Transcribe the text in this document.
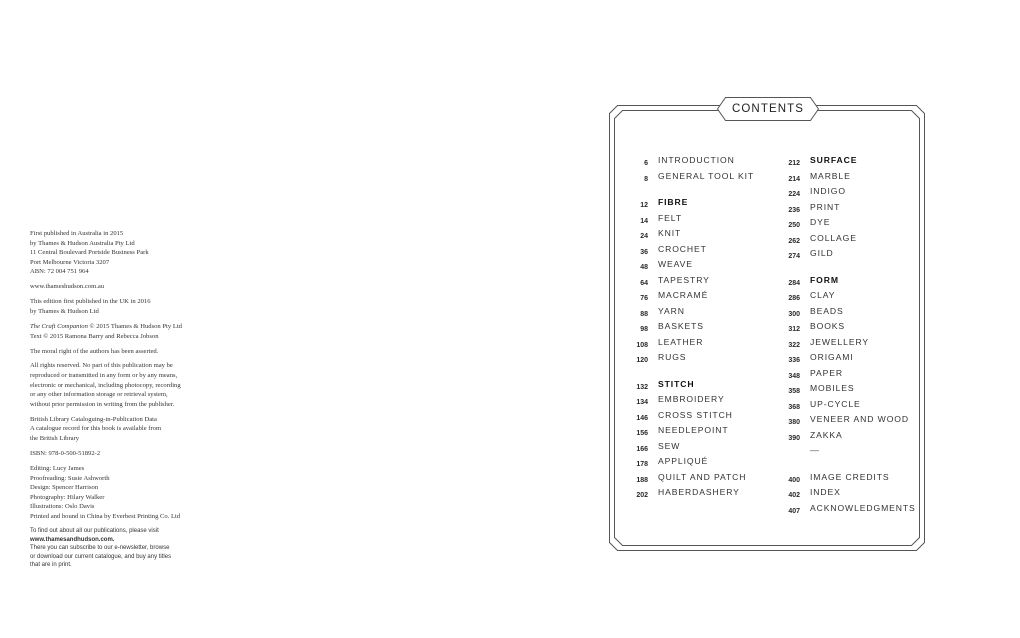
First published in Australia in 2015
by Thames & Hudson Australia Pty Ltd
11 Central Boulevard Portside Business Park
Port Melbourne Victoria 3207
ABN: 72 004 751 964
www.thameshudson.com.au
This edition first published in the UK in 2016
by Thames & Hudson Ltd
The Craft Companion © 2015 Thames & Hudson Pty Ltd
Text © 2015 Ramona Barry and Rebecca Jobson
The moral right of the authors has been asserted.
All rights reserved. No part of this publication may be
reproduced or transmitted in any form or by any means,
electronic or mechanical, including photocopy, recording
or any other information storage or retrieval system,
without prior permission in writing from the publisher.
British Library Cataloguing-in-Publication Data
A catalogue record for this book is available from
the British Library
ISBN: 978-0-500-51892-2
Editing: Lucy James
Proofreading: Susie Ashworth
Design: Spencer Harrison
Photography: Hilary Walker
Illustrations: Oslo Davis
Printed and bound in China by Everbest Printing Co. Ltd
To find out about all our publications, please visit
www.thamesandhudson.com.
There you can subscribe to our e-newsletter, browse
or download our current catalogue, and buy any titles
that are in print.
CONTENTS
6 INTRODUCTION
8 GENERAL TOOL KIT
12 FIBRE
14 FELT
24 KNIT
36 CROCHET
48 WEAVE
64 TAPESTRY
76 MACRAMÉ
88 YARN
98 BASKETS
108 LEATHER
120 RUGS
132 STITCH
134 EMBROIDERY
146 CROSS STITCH
156 NEEDLEPOINT
166 SEW
178 APPLIQUÉ
188 QUILT AND PATCH
202 HABERDASHERY
212 SURFACE
214 MARBLE
224 INDIGO
236 PRINT
250 DYE
262 COLLAGE
274 GILD
284 FORM
286 CLAY
300 BEADS
312 BOOKS
322 JEWELLERY
336 ORIGAMI
348 PAPER
358 MOBILES
368 UP-CYCLE
380 VENEER AND WOOD
390 ZAKKA
—
400 IMAGE CREDITS
402 INDEX
407 ACKNOWLEDGMENTS
